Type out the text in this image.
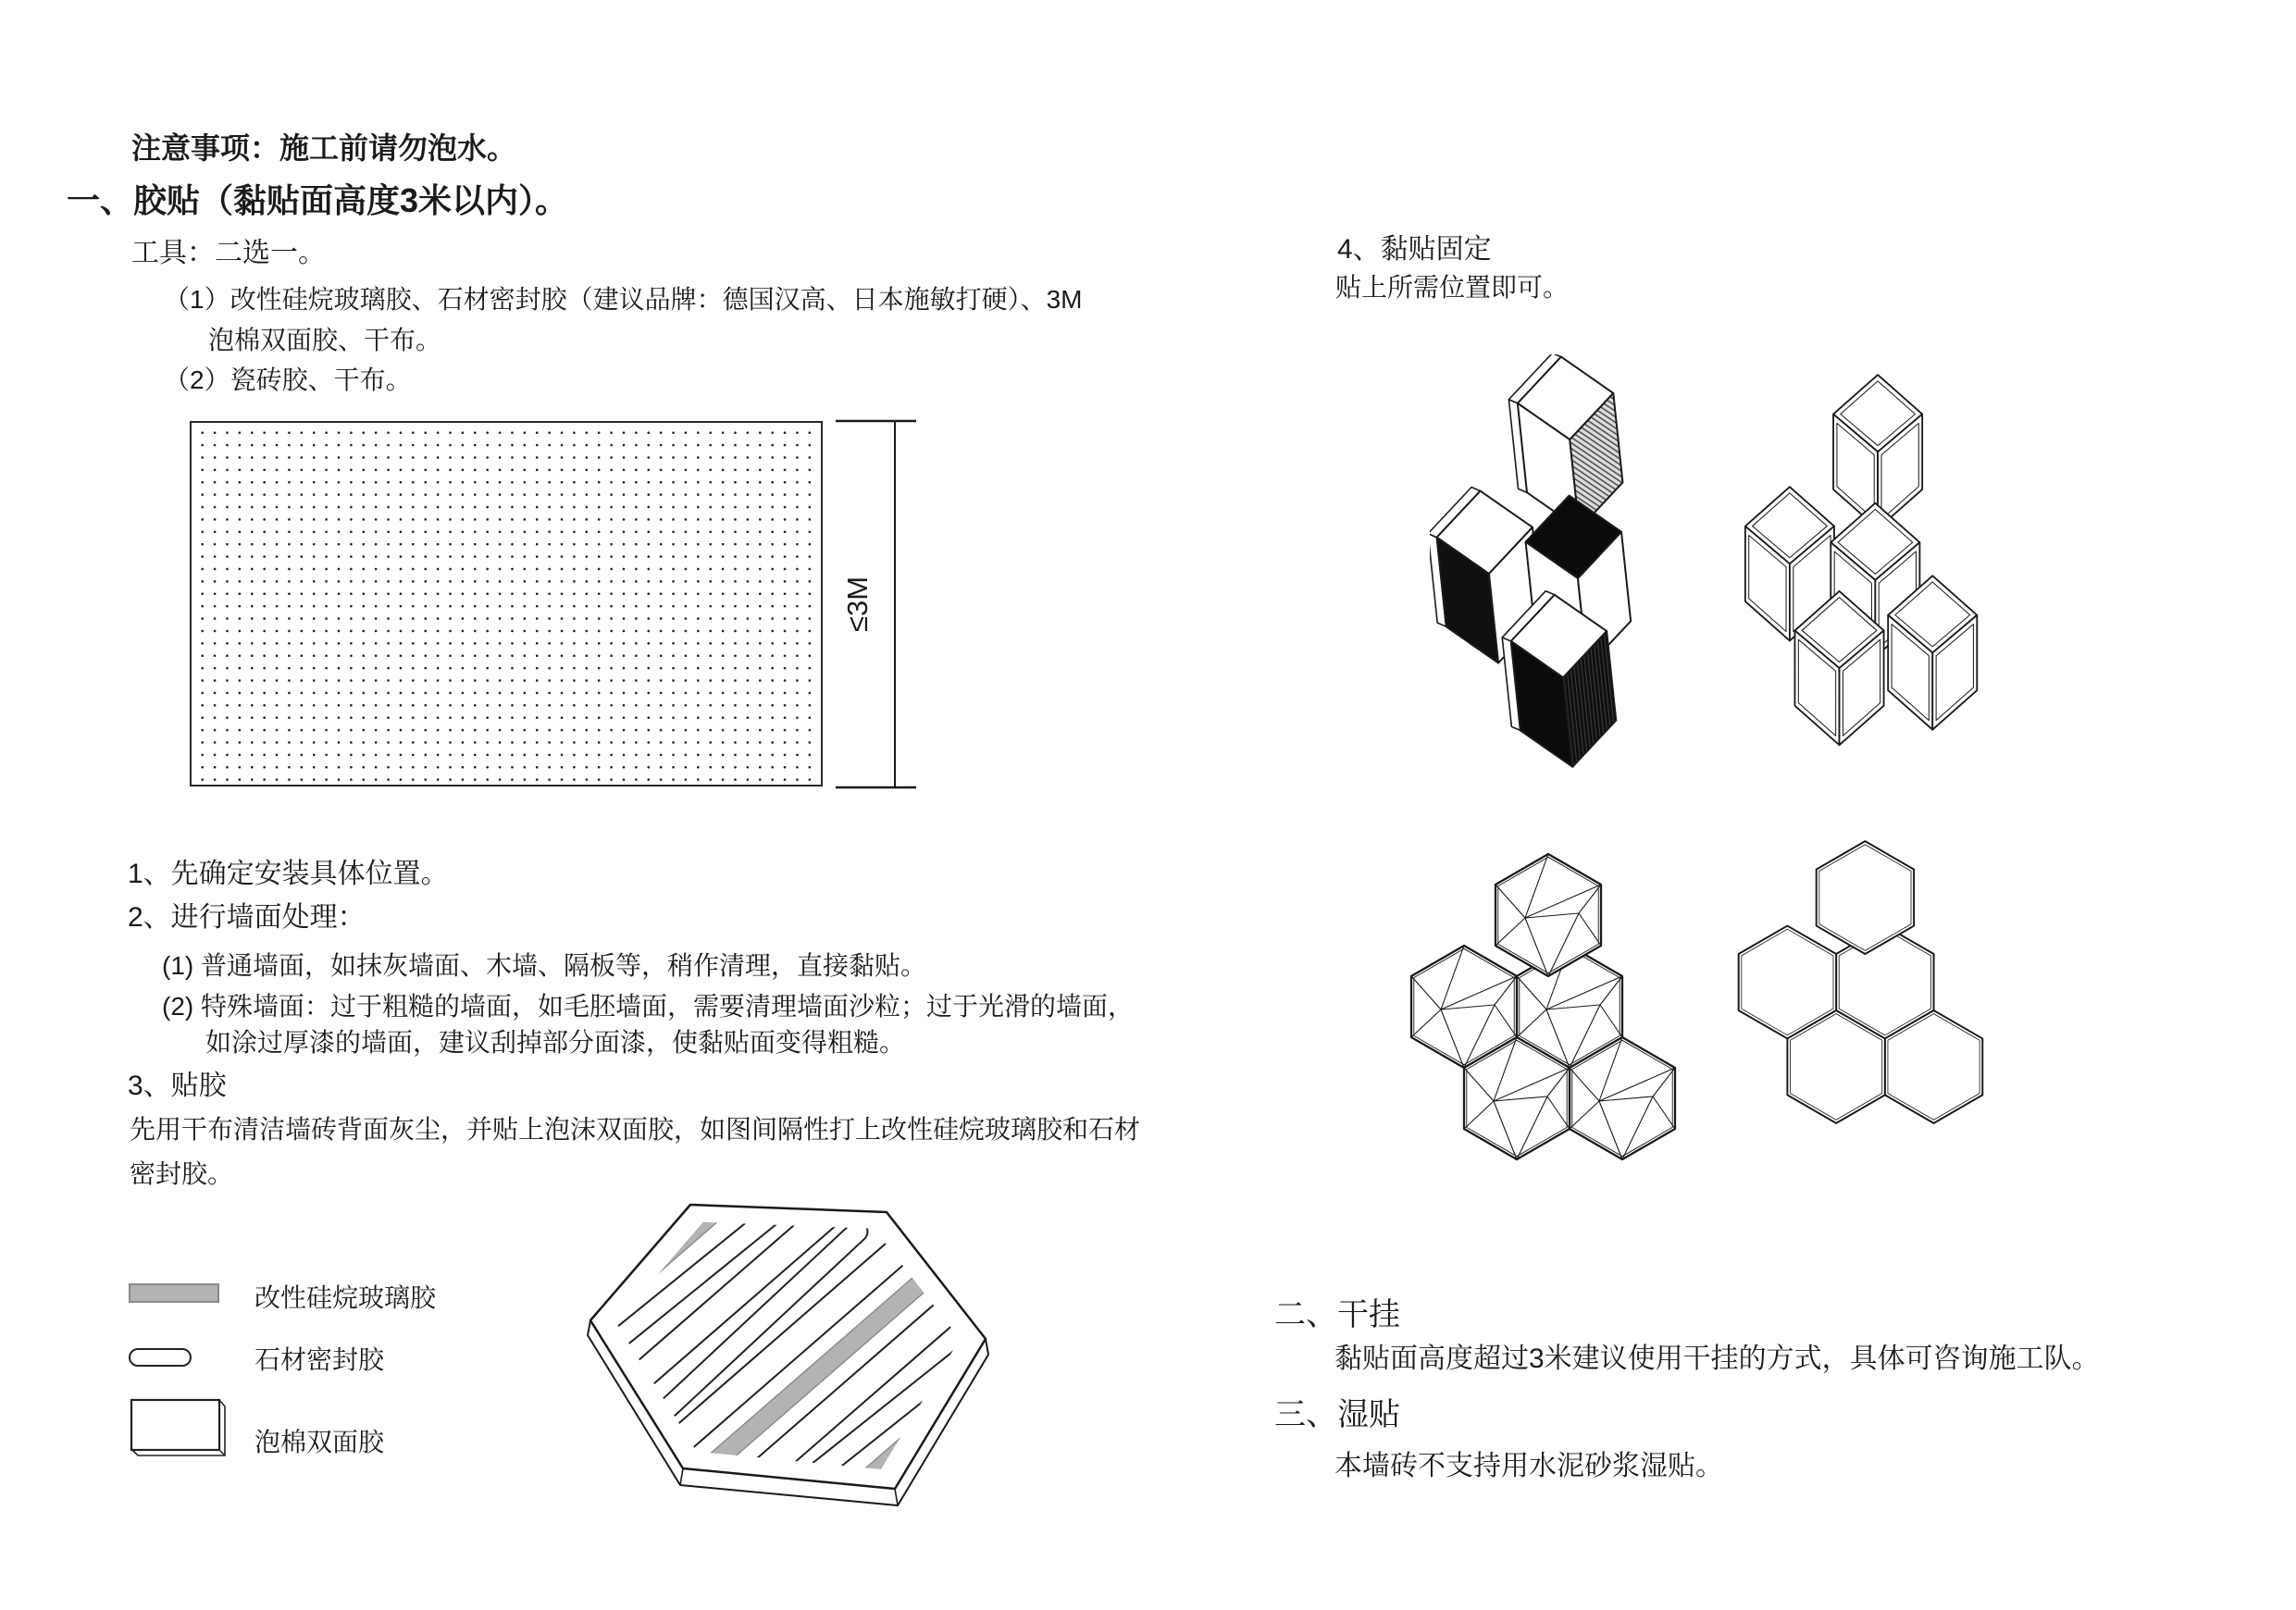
注意事项：施工前请勿泡水。
一、胶贴（黏贴面高度3米以内）。
工具：二选一。
（1）改性硅烷玻璃胶、石材密封胶（建议品牌：德国汉高、日本施敏打硬）、3M
泡棉双面胶、干布。
（2）瓷砖胶、干布。
≤3M
1、先确定安装具体位置。
2、进行墙面处理：
(1) 普通墙面，如抹灰墙面、木墙、隔板等，稍作清理，直接黏贴。
(2) 特殊墙面：过于粗糙的墙面，如毛胚墙面，需要清理墙面沙粒；过于光滑的墙面，
如涂过厚漆的墙面，建议刮掉部分面漆，使黏贴面变得粗糙。
3、贴胶
先用干布清洁墙砖背面灰尘，并贴上泡沫双面胶，如图间隔性打上改性硅烷玻璃胶和石材
密封胶。
改性硅烷玻璃胶
石材密封胶
泡棉双面胶
4、黏贴固定
贴上所需位置即可。
二、干挂
黏贴面高度超过3米建议使用干挂的方式，具体可咨询施工队。
三、湿贴
本墙砖不支持用水泥砂浆湿贴。
